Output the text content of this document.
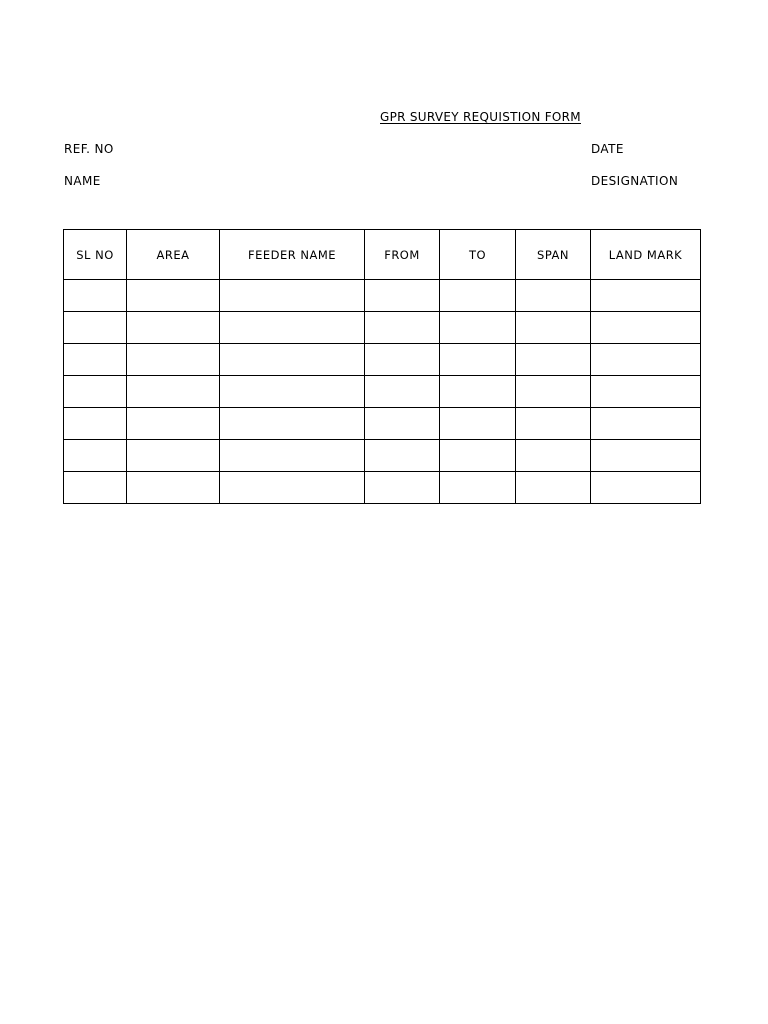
GPR SURVEY REQUISTION FORM
REF. NO	DATE
NAME	DESIGNATION
SL NO	AREA	FEEDER NAME	FROM	TO	SPAN	LAND MARK
